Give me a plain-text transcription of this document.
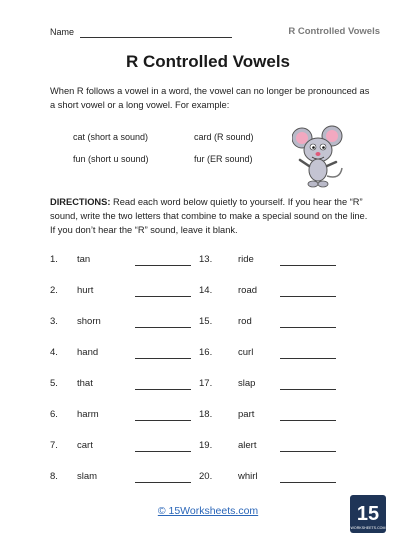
Name	R Controlled Vowels
R Controlled Vowels
When R follows a vowel in a word, the vowel can no longer be pronounced as a short vowel or a long vowel. For example:
cat (short a sound)	card (R sound)
fun (short u sound)	fur (ER sound)
DIRECTIONS: Read each word below quietly to yourself. If you hear the “R” sound, write the two letters that combine to make a special sound on the line. If you don’t hear the “R” sound, leave it blank.
1. tan	13.	ride
2. hurt	14.	road
3. shorn	15.	rod
4. hand	16.	curl
5. that	17.	slap
6. harm	18.	part
7. cart	19.	alert
8. slam	20.	whirl
© 15Worksheets.com	15
WORKSHEETS.COM
